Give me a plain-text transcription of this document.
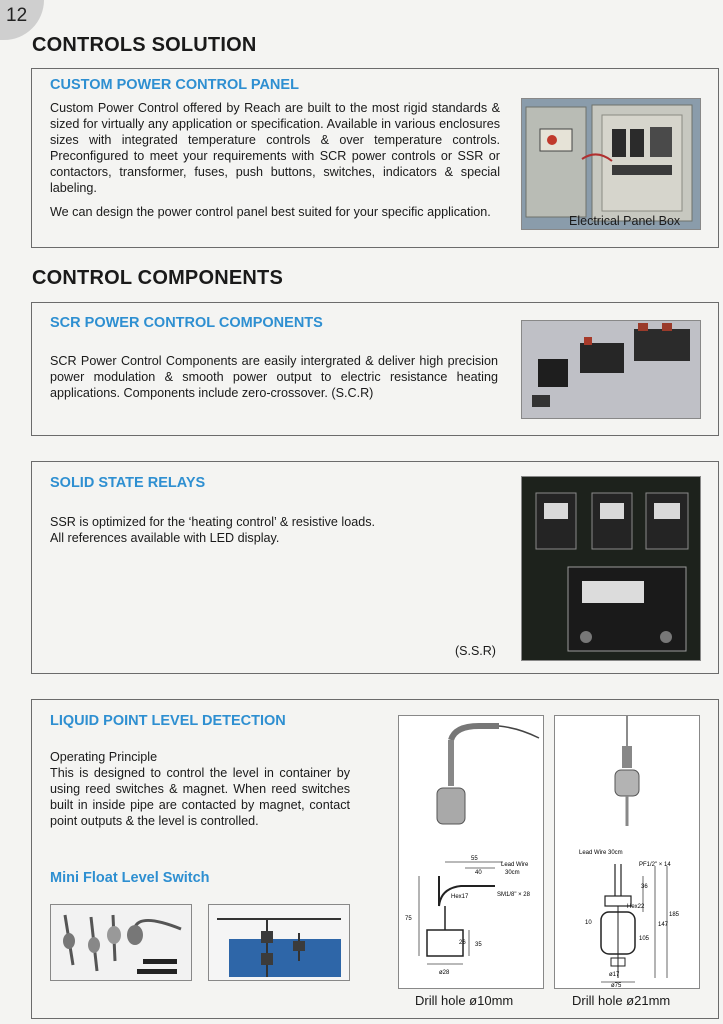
12
CONTROLS SOLUTION
CUSTOM POWER CONTROL PANEL
Custom Power Control offered by Reach are built to the most rigid standards & sized for virtually any application or specification. Available in various enclosures sizes with integrated temperature controls & over temperature controls. Preconfigured to meet your requirements with SCR power controls or SSR or contactors, transformer, fuses, push buttons, switches, indicators & special labeling.
We can design the power control panel best suited for your specific application.
Electrical Panel Box
CONTROL COMPONENTS
SCR POWER CONTROL COMPONENTS
SCR Power Control Components are easily intergrated & deliver high precision power modulation & smooth power output to electric resistance heating applications. Components include zero-crossover. (S.C.R)
SOLID STATE RELAYS
SSR is optimized for the ‘heating control’ & resistive loads.
All references available with LED display.
(S.S.R)
LIQUID POINT LEVEL DETECTION
Operating Principle
This is designed to control the level in container by using reed switches & magnet. When reed switches built in inside pipe are contacted by magnet, contact point outputs & the level is controlled.
Mini Float Level Switch
55
40
Lead Wire
30cm
Hex17	SM1/8" × 28
75
26 35
ø28
Drill hole ø10mm
Lead Wire 30cm
PF1/2" × 14
Hex22
36
147
185
105
10
ø17
ø75
Drill hole ø21mm
